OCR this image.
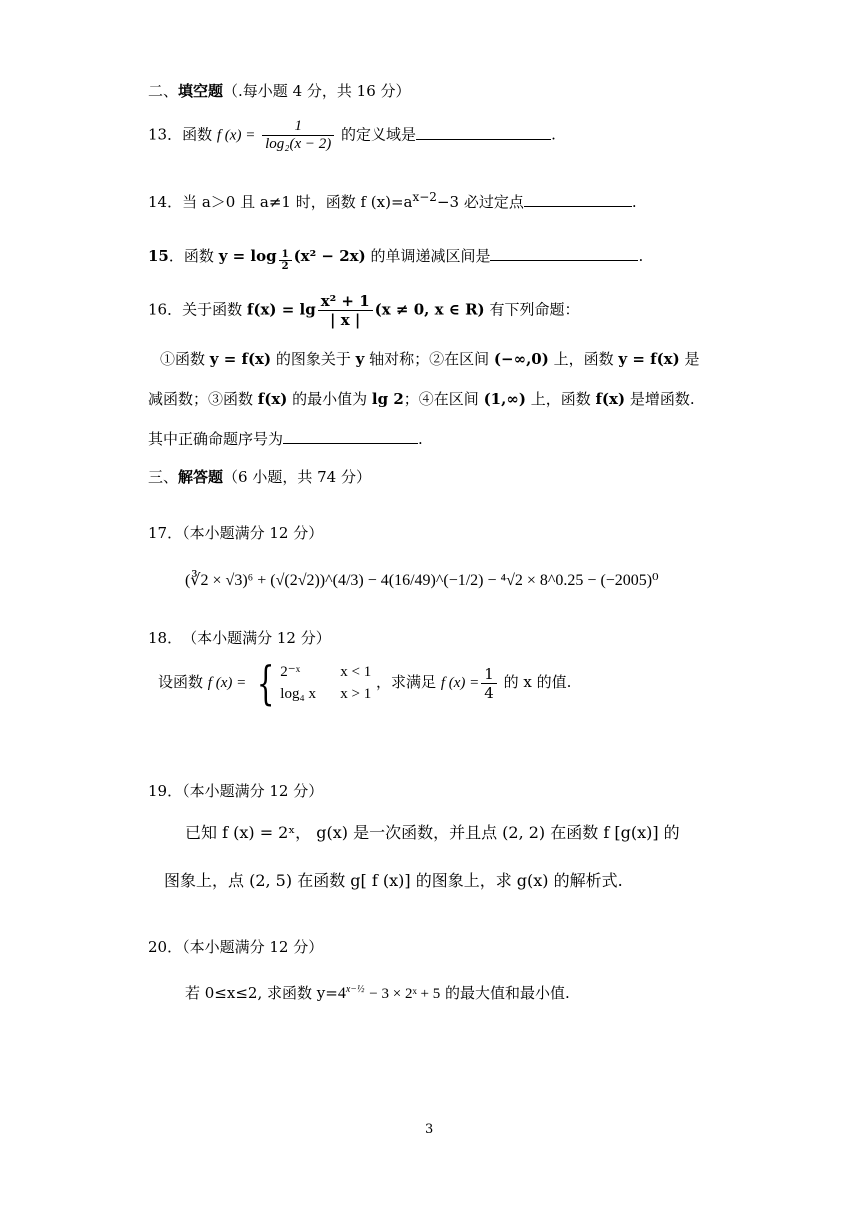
二、填空题（.每小题 4 分，共 16 分）
13．函数 f $(x) = \frac{1}{\text{log₂(x − 2)}}$ 的定义域是	.
14．当 a＞0 且 a≠1 时，函数 f $(x)=a^{x-2}-3$ 必过定点	.
15．函数 $y = \log \frac{1}{2} (x^2 - 2x)$ 的单调递减区间是	.
16．关于函数 $f(x) = \lg \frac{\text{x² + 1}}{| x |} (x \ne 0$, x ∈ R) 有下列命题：
①函数 y = f(x) 的图象关于 y 轴对称；②在区间 (−∞,0) 上，函数 y = f(x) 是
减函数；③函数 f(x) 的最小值为 lg 2；④在区间 (1,∞) 上，函数 f(x) 是增函数.
其中正确命题序号为	.
三、解答题（6 小题，共 74 分）
17．（本小题满分 12 分）
(∛2 × √3)⁶ + (√(2√2))^(4/3) − 4(16/49)^(−1/2) − ⁴√2 × 8^0.25 − (−2005)⁰
18．　（本小题满分 12 分）
设函数 f (x) = { 2⁻ˣ	x < 1
log₄ x x > 1
，求满足 f $(x) = \frac{1}{4}$ 的 x 的值.
19．（本小题满分 12 分）
已知 f (x) = 2ˣ， g(x) 是一次函数，并且点 (2, 2) 在函数 f [g(x)] 的
图象上，点 (2, 5) 在函数 g[ f (x)] 的图象上，求 g(x) 的解析式.
20．（本小题满分 12 分）
若 0≤x≤2, 求函数 $y=4^{x-\frac{1}{2}} - 3$ × 2ˣ + 5 的最大值和最小值.
3
